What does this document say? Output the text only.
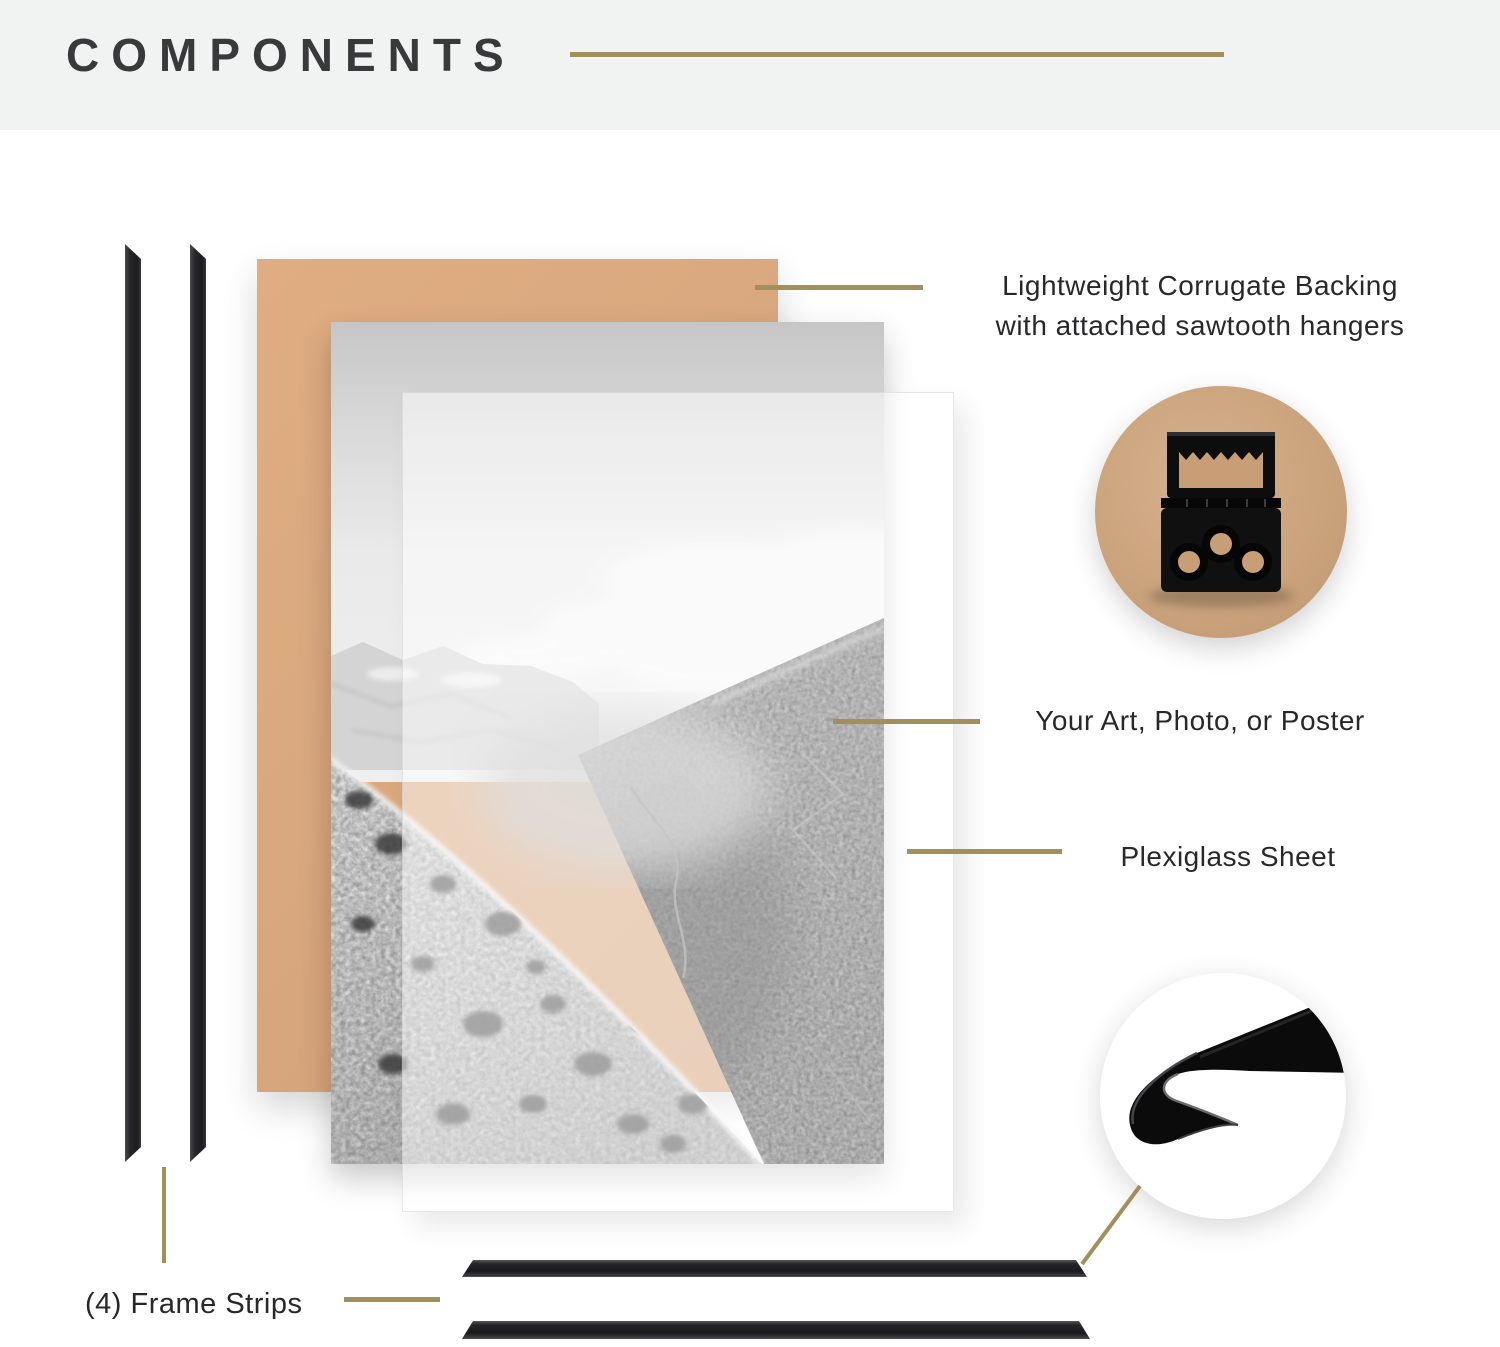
COMPONENTS
Lightweight Corrugate Backing
with attached sawtooth hangers
Your Art, Photo, or Poster
Plexiglass Sheet
(4) Frame Strips
